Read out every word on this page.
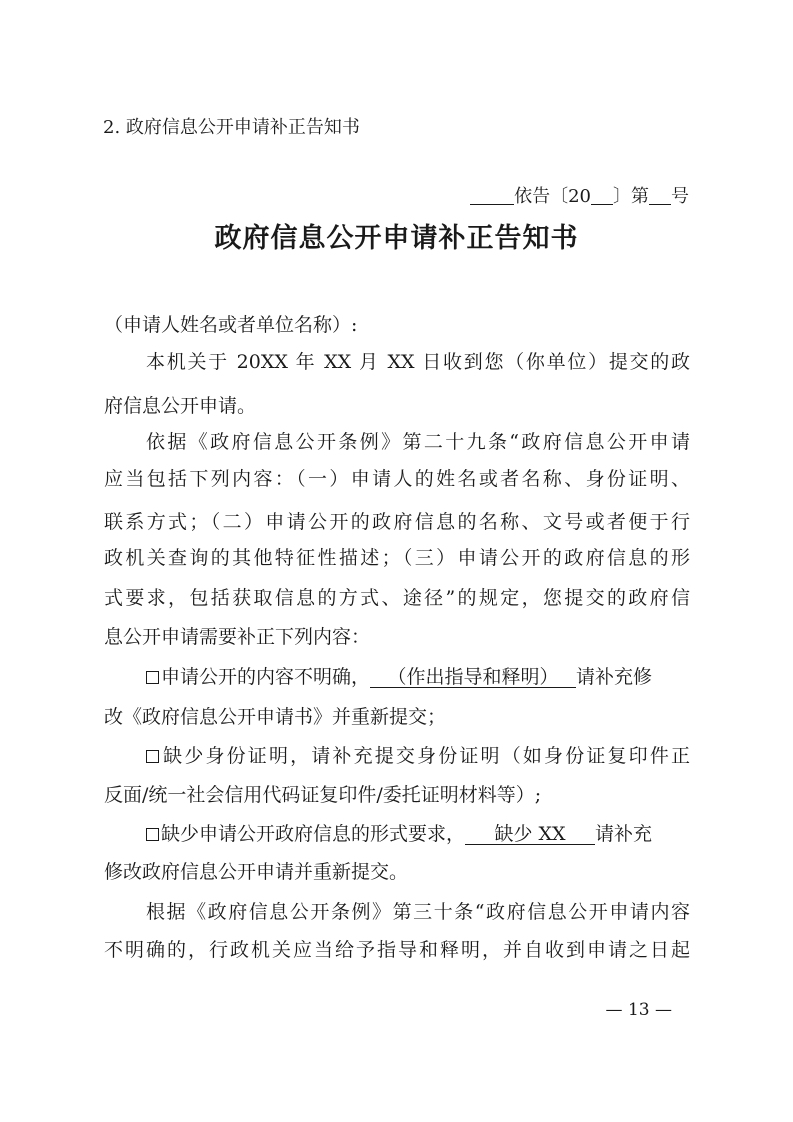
2. 政府信息公开申请补正告知书
依告〔20 〕第 号
政府信息公开申请补正告知书
（申请人姓名或者单位名称）:
本机关于 20XX 年 XX 月 XX 日收到您（你单位）提交的政
府信息公开申请。
依据《政府信息公开条例》第二十九条“政府信息公开申请
应当包括下列内容：（一）申请人的姓名或者名称、身份证明、
联系方式；（二）申请公开的政府信息的名称、文号或者便于行
政机关查询的其他特征性描述；（三）申请公开的政府信息的形
式要求，包括获取信息的方式、途径”的规定，您提交的政府信
息公开申请需要补正下列内容：
申请公开的内容不明确， （作出指导和释明） 请补充修
改《政府信息公开申请书》并重新提交；
缺少身份证明，请补充提交身份证明（如身份证复印件正
反面/统一社会信用代码证复印件/委托证明材料等）;
缺少申请公开政府信息的形式要求， 缺少 XX 请补充
修改政府信息公开申请并重新提交。
根据《政府信息公开条例》第三十条“政府信息公开申请内容
不明确的，行政机关应当给予指导和释明，并自收到申请之日起
— 13 —
